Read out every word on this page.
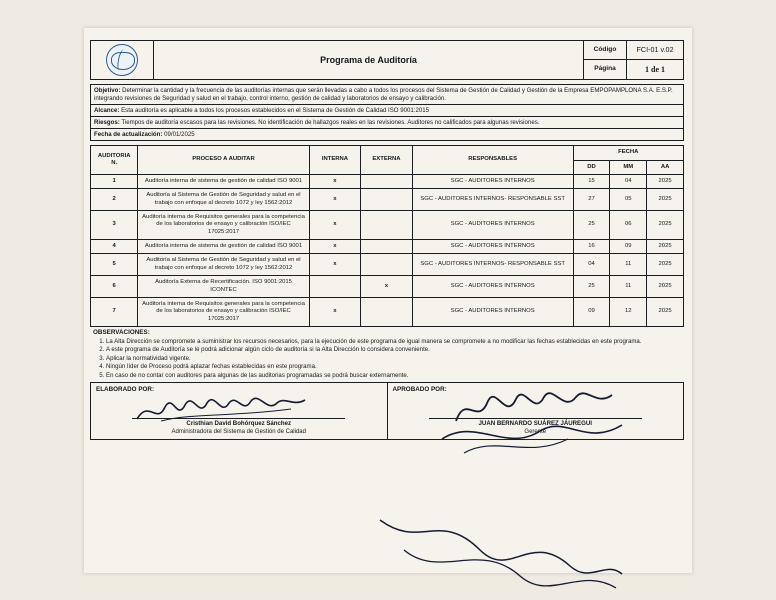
	Programa de Auditoría	Código	FCI-01 v.02
		Página	1 de 1
Objetivo: Determinar la cantidad y la frecuencia de las auditorías internas que serán llevadas a cabo a todos los procesos del Sistema de Gestión de Calidad y Gestión de la Empresa EMPOPAMPLONA S.A. E.S.P. integrando revisiones de Seguridad y salud en el trabajo, control interno, gestión de calidad y laboratorios de ensayo y calibración.
Alcance: Esta auditoría es aplicable a todos los procesos establecidos en el Sistema de Gestión de Calidad ISO 9001:2015
Riesgos: Tiempos de auditoría escasos para las revisiones. No identificación de hallazgos reales en las revisiones. Auditores no calificados para algunas revisiones.
Fecha de actualización: 09/01/2025
AUDITORIA
N.	PROCESO A AUDITAR	INTERNA	EXTERNA	RESPONSABLES	FECHA		
					DD	MM	AA
1	Auditoría interna de sistema de gestión de calidad ISO 9001	x		SGC - AUDITORES INTERNOS	15	04	2025
2	Auditoría al Sistema de Gestión de Seguridad y salud en el trabajo con enfoque al decreto 1072 y ley 1562:2012	x		SGC - AUDITORES INTERNOS- RESPONSABLE SST	27	05	2025
3	Auditoría interna de Requisitos generales para la competencia de los laboratorios de ensayo y calibración ISO/IEC 17025:2017	x		SGC - AUDITORES INTERNOS	25	06	2025
4	Auditoría interna de sistema de gestión de calidad ISO 9001	x		SGC - AUDITORES INTERNOS	16	09	2025
5	Auditoría al Sistema de Gestión de Seguridad y salud en el trabajo con enfoque al decreto 1072 y ley 1562:2012	x		SGC - AUDITORES INTERNOS- RESPONSABLE SST	04	11	2025
6	Auditoría Externa de Recertificación. ISO 9001:2015 ICONTEC		x	SGC - AUDITORES INTERNOS	25	11	2025
7	Auditoría interna de Requisitos generales para la competencia de los laboratorios de ensayo y calibración ISO/IEC 17025:2017	x		SGC - AUDITORES INTERNOS	09	12	2025
OBSERVACIONES:
1. La Alta Dirección se compromete a suministrar los recursos necesarios, para la ejecución de este programa de igual manera se compromete a no modificar las fechas establecidas en este programa.
2. A este programa de Auditoría se le podrá adicionar algún ciclo de auditoría si la Alta Dirección lo considera conveniente.
3. Aplicar la normatividad vigente.
4. Ningún líder de Proceso podrá aplazar fechas establecidas en este programa.
5. En caso de no contar con auditores para algunas de las auditorias programadas se podrá buscar externamente.
ELABORADO POR:
Cristhian David Bohórquez Sánchez
Administradora del Sistema de Gestión de Calidad

APROBADO POR:
JUAN BERNARDO SUÁREZ JÁUREGUI
Gerente
